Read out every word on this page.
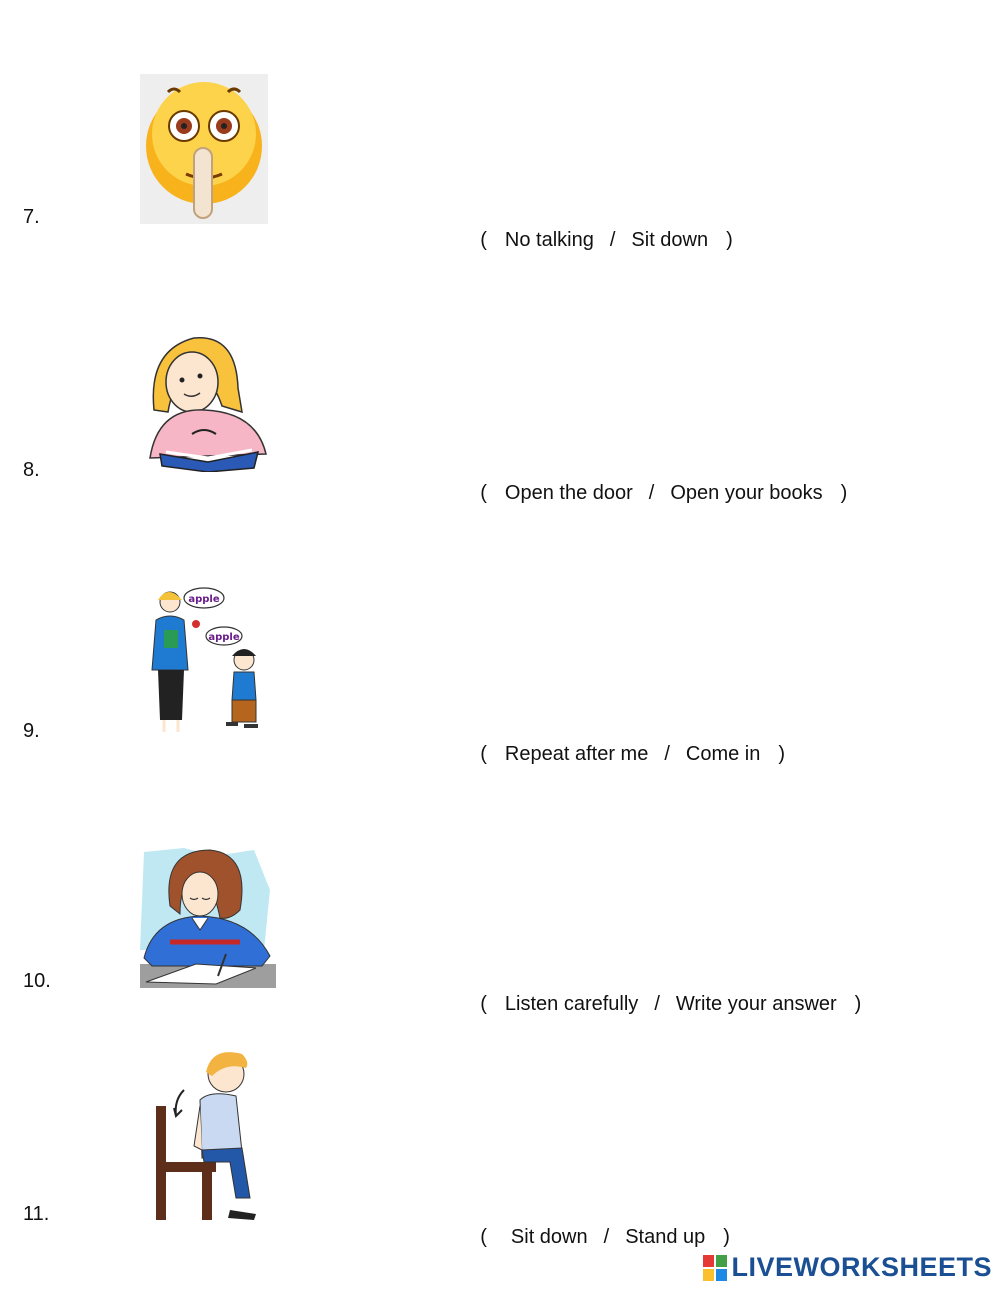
7.

( No talking / Sit down )

8.

( Open the door / Open your books )

apple
apple
9.

( Repeat after me / Come in )

10.

( Listen carefully / Write your answer )

11.

( Sit down / Stand up )

LIVEWORKSHEETS
